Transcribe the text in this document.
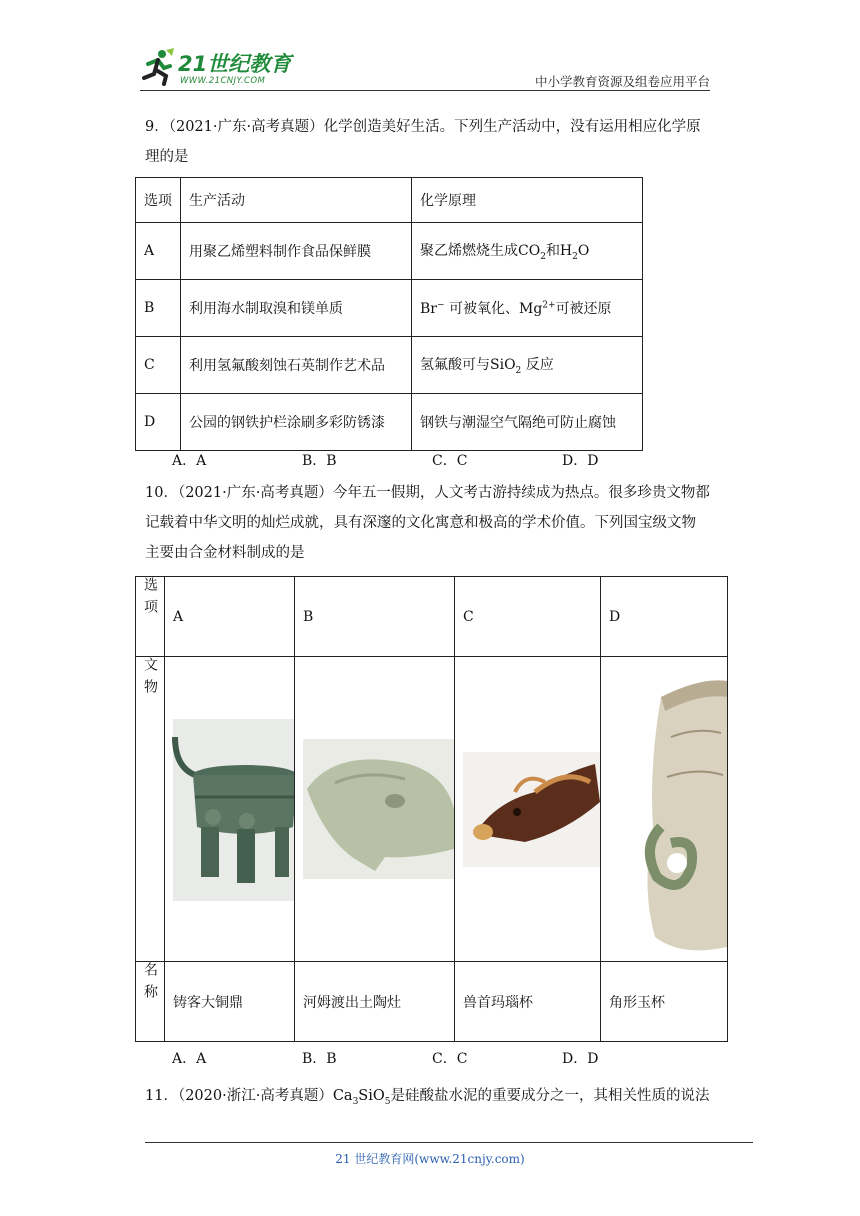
21世纪教育
WWW.21CNJY.COM	中小学教育资源及组卷应用平台
9．（2021·广东·高考真题）化学创造美好生活。下列生产活动中，没有运用相应化学原
理的是
选项	生产活动	化学原理
A	用聚乙烯塑料制作食品保鲜膜	聚乙烯燃烧生成$CO_2$和$H_2O$
B	利用海水制取溴和镁单质	Br− 可被氧化、$Mg^{2+}$可被还原
C	利用氢氟酸刻蚀石英制作艺术品	氢氟酸可与SiO$_2$ 反应
D	公园的钢铁护栏涂刷多彩防锈漆	钢铁与潮湿空气隔绝可防止腐蚀
A．A	B．B	C．C	D．D
10．（2021·广东·高考真题）今年五一假期，人文考古游持续成为热点。很多珍贵文物都
记载着中华文明的灿烂成就，具有深邃的文化寓意和极高的学术价值。下列国宝级文物
主要由合金材料制成的是
选项	A	B	C	D
文物	

名称	铸客大铜鼎	河姆渡出土陶灶	兽首玛瑙杯	角形玉杯
A．A	B．B	C．C	D．D
11．（2020·浙江·高考真题）$Ca_3SiO_5$是硅酸盐水泥的重要成分之一，其相关性质的说法
21 世纪教育网(www.21cnjy.com)
